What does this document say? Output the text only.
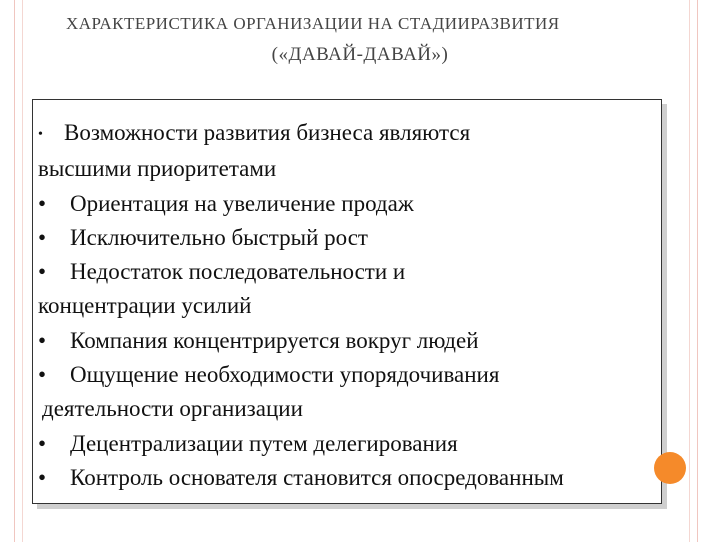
ХАРАКТЕРИСТИКА ОРГАНИЗАЦИИ НА СТАДИИРАЗВИТИЯ
(«ДАВАЙ-ДАВАЙ»)
• Возможности развития бизнеса являются
высшими приоритетами
• Ориентация на увеличение продаж
• Исключительно быстрый рост
• Недостаток последовательности и
концентрации усилий
• Компания концентрируется вокруг людей
• Ощущение необходимости упорядочивания
деятельности организации
• Децентрализации путем делегирования
• Контроль основателя становится опосредованным
